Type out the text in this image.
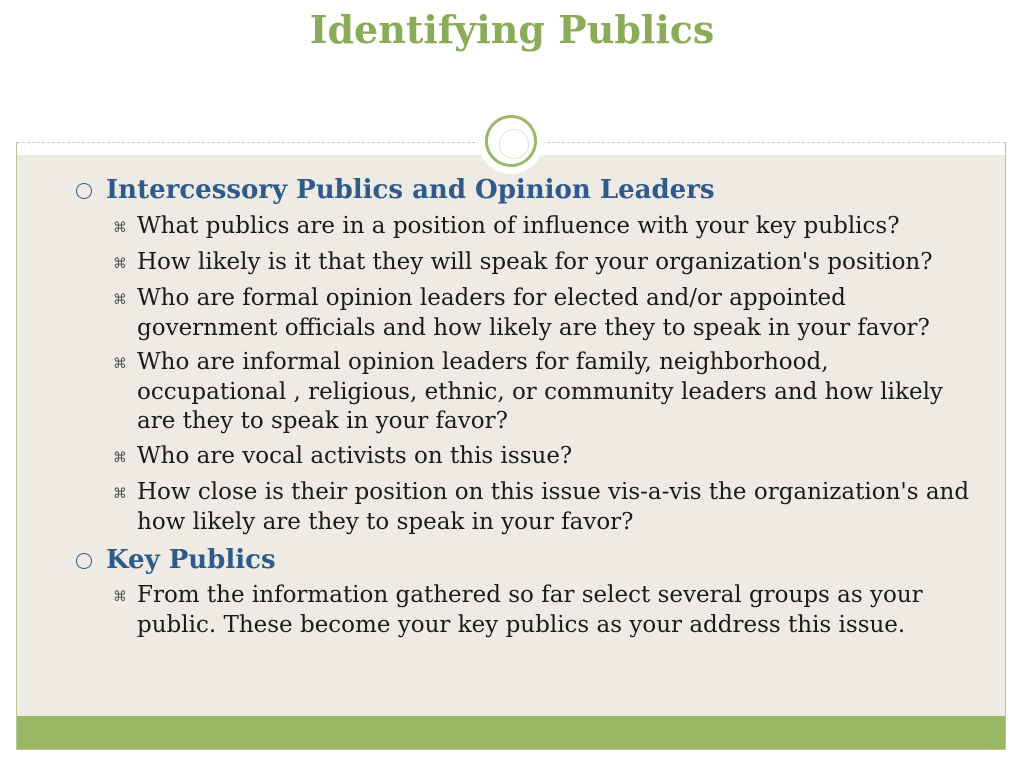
Identifying Publics
Intercessory Publics and Opinion Leaders
⌘ What publics are in a position of influence with your key publics?
⌘ How likely is it that they will speak for your organization's position?
⌘ Who are formal opinion leaders for elected and/or appointed government officials and how likely are they to speak in your favor?
⌘ Who are informal opinion leaders for family, neighborhood, occupational , religious, ethnic, or community leaders and how likely are they to speak in your favor?
⌘ Who are vocal activists on this issue?
⌘ How close is their position on this issue vis-a-vis the organization's and how likely are they to speak in your favor?
Key Publics
⌘ From the information gathered so far select several groups as your public. These become your key publics as your address this issue.
